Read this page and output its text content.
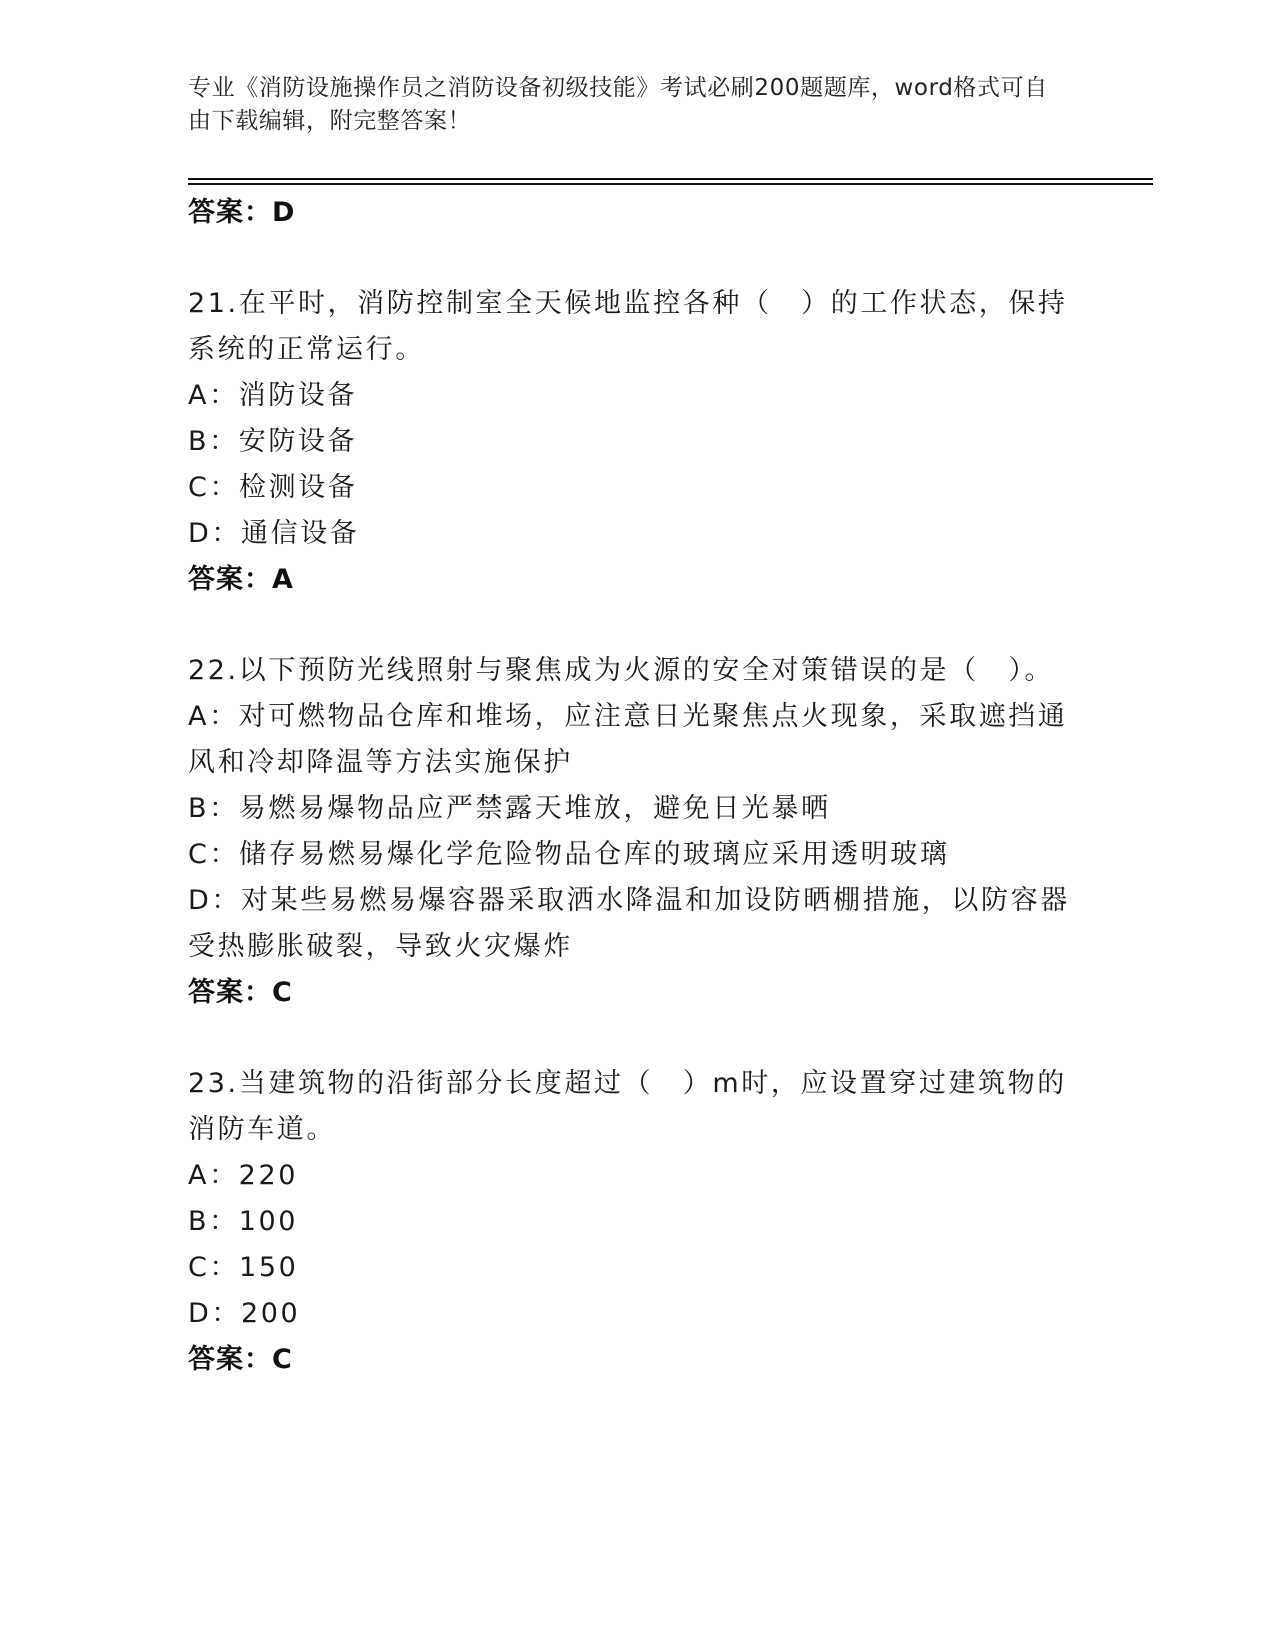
专业《消防设施操作员之消防设备初级技能》考试必刷200题题库，word格式可自由下载编辑，附完整答案！
答案：D
21.在平时，消防控制室全天候地监控各种（　）的工作状态，保持系统的正常运行。
A：消防设备
B：安防设备
C：检测设备
D：通信设备
答案：A
22.以下预防光线照射与聚焦成为火源的安全对策错误的是（　）。
A：对可燃物品仓库和堆场，应注意日光聚焦点火现象，采取遮挡通风和冷却降温等方法实施保护
B：易燃易爆物品应严禁露天堆放，避免日光暴晒
C：储存易燃易爆化学危险物品仓库的玻璃应采用透明玻璃
D：对某些易燃易爆容器采取洒水降温和加设防晒棚措施，以防容器受热膨胀破裂，导致火灾爆炸
答案：C
23.当建筑物的沿街部分长度超过（　）m时，应设置穿过建筑物的消防车道。
A：220
B：100
C：150
D：200
答案：C
